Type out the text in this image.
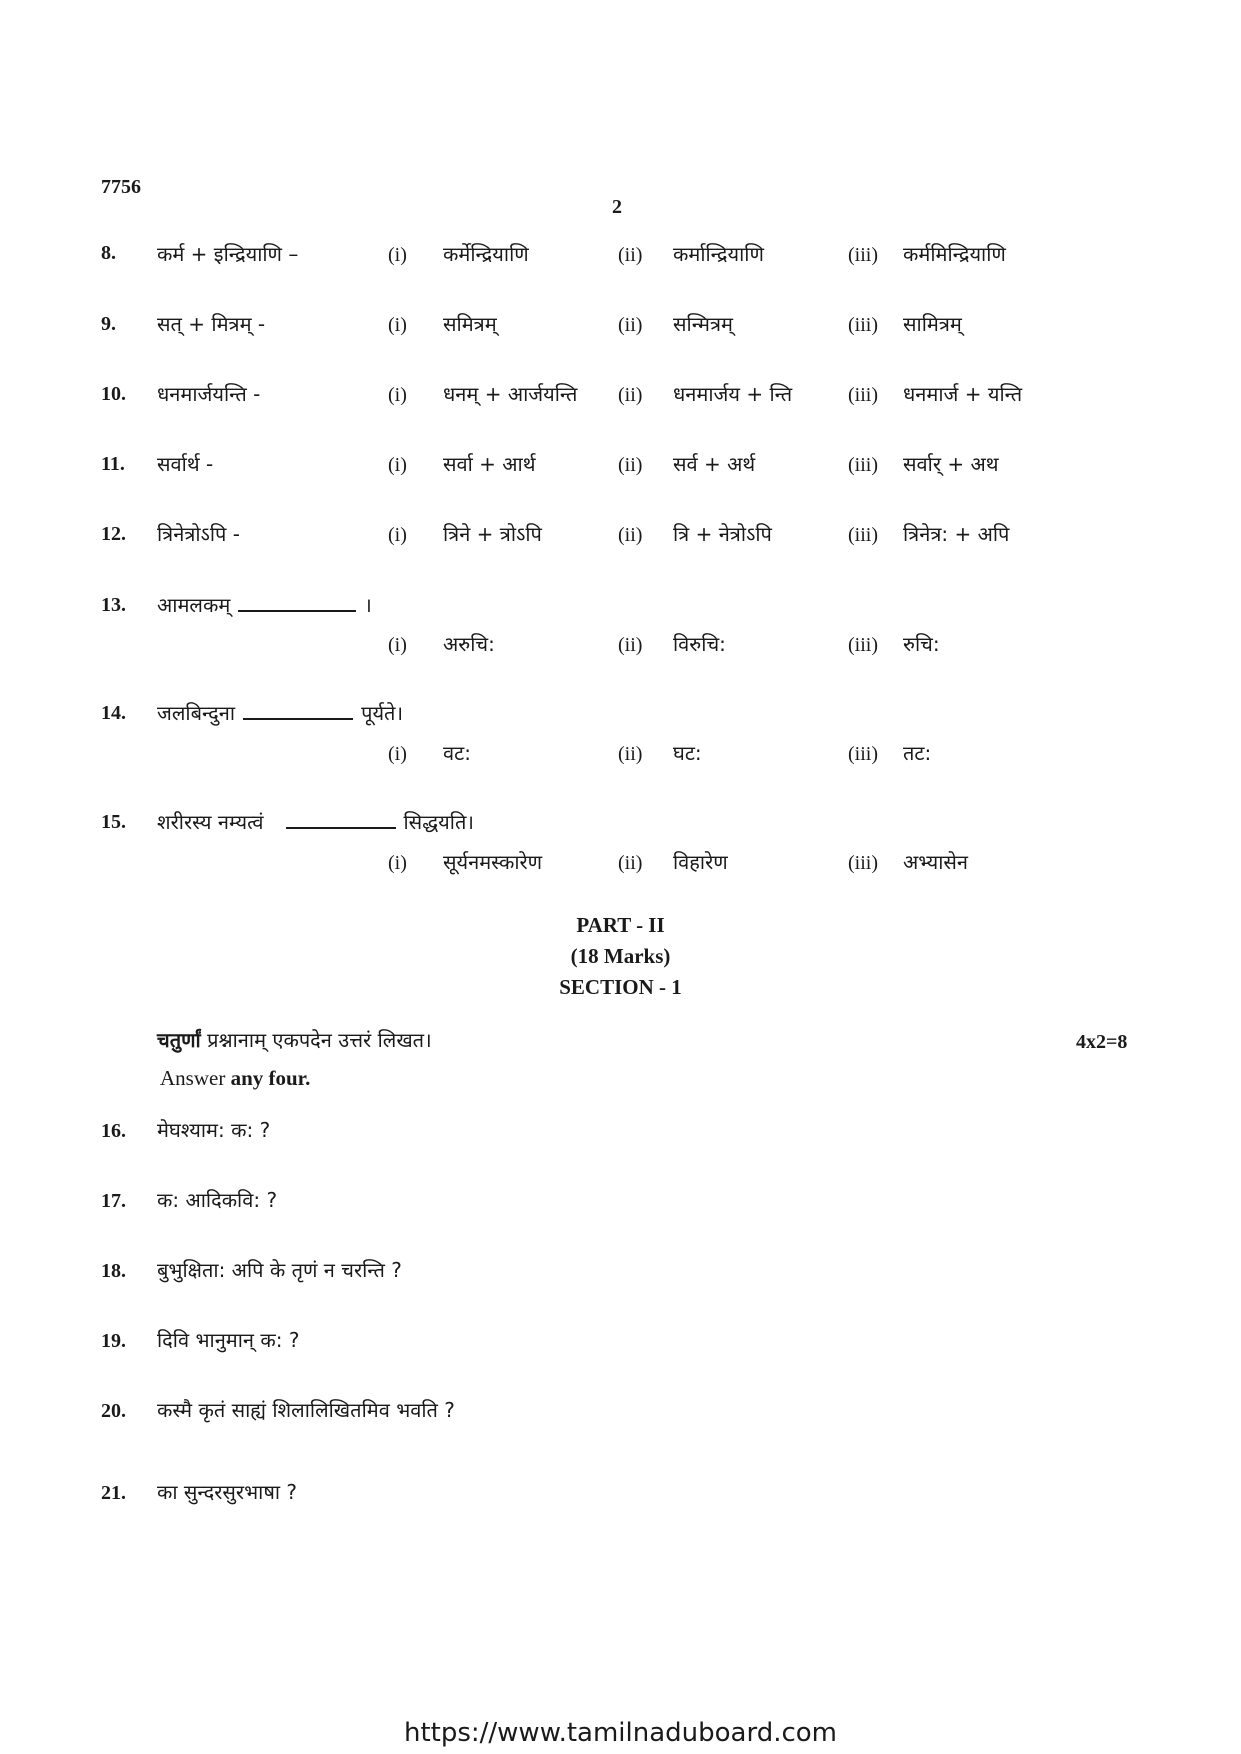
7756
2
8. कर्म + इन्द्रियाणि –	(i) कर्मेन्द्रियाणि	(ii) कर्मान्द्रियाणि	(iii) कर्ममिन्द्रियाणि
9. सत् + मित्रम् -	(i) समित्रम्	(ii) सन्मित्रम्	(iii) सामित्रम्
10. धनमार्जयन्ति -	(i) धनम् + आर्जयन्ति (ii) धनमार्जय + न्ति	(iii) धनमार्ज + यन्ति
11. सर्वार्थ -	(i) सर्वा + आर्थ	(ii) सर्व + अर्थ	(iii) सर्वार् + अथ
12. त्रिनेत्रोऽपि -	(i) त्रिने + त्रोऽपि	(ii) त्रि + नेत्रोऽपि	(iii) त्रिनेत्र: + अपि
13. आमलकम्	।
(i) अरुचि:	(ii) विरुचि:	(iii) रुचि:
14. जलबिन्दुना	पूर्यते।
(i) वट:	(ii) घट:	(iii) तट:
15. शरीरस्य नम्यत्वं	सिद्धयति।
(i) सूर्यनमस्कारेण	(ii) विहारेण	(iii) अभ्यासेन
PART - II
(18 Marks)
SECTION - 1
चतुर्णां प्रश्नानाम् एकपदेन उत्तरं लिखत।	4x2=8
Answer any four.
16. मेघश्याम: क: ?
17. क: आदिकवि: ?
18. बुभुक्षिता: अपि के तृणं न चरन्ति ?
19. दिवि भानुमान् क: ?
20. कस्मै कृतं साह्यं शिलालिखितमिव भवति ?
21. का सुन्दरसुरभाषा ?
https://www.tamilnaduboard.com
